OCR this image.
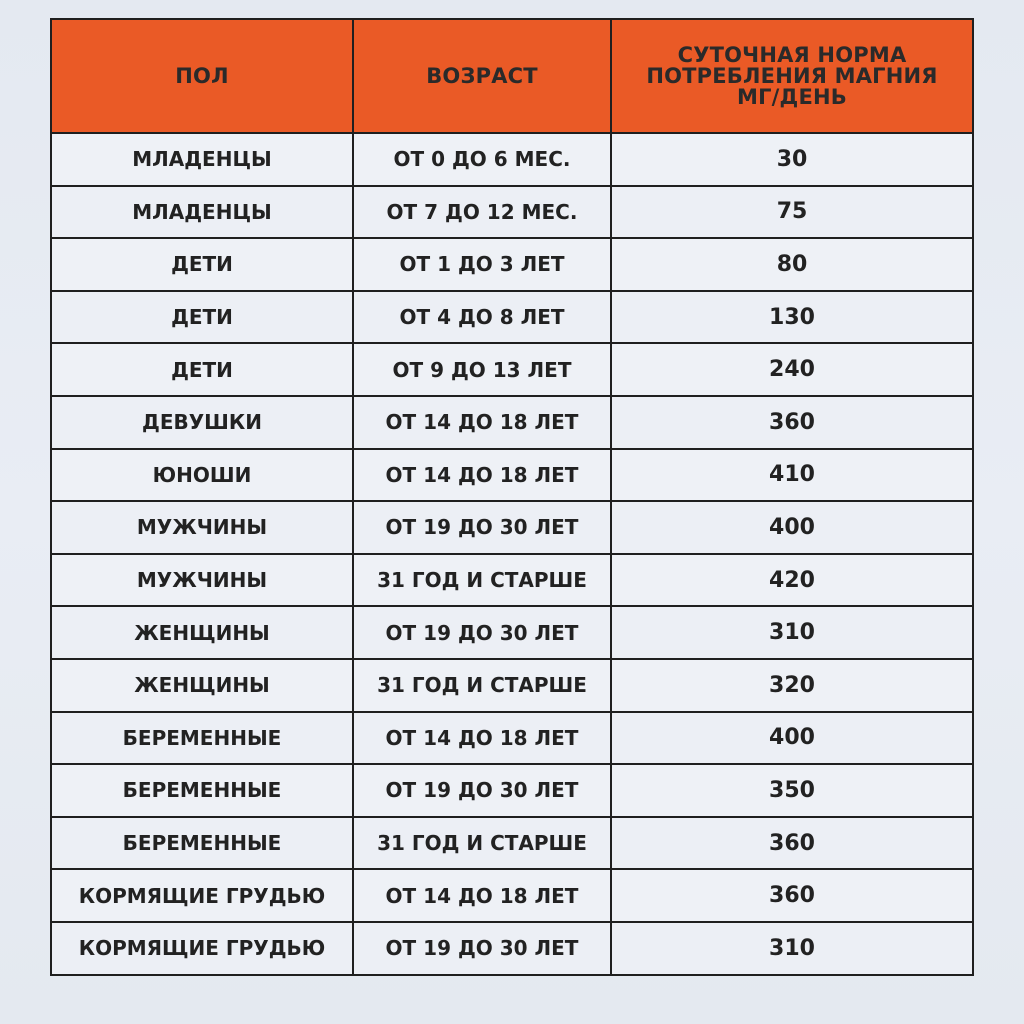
ПОЛ	ВОЗРАСТ	СУТОЧНАЯ НОРМА
ПОТРЕБЛЕНИЯ МАГНИЯ
МГ/ДЕНЬ

МЛАДЕНЦЫ	ОТ 0 ДО 6 МЕС.	30
МЛАДЕНЦЫ	ОТ 7 ДО 12 МЕС.	75
ДЕТИ	ОТ 1 ДО 3 ЛЕТ	80
ДЕТИ	ОТ 4 ДО 8 ЛЕТ	130
ДЕТИ	ОТ 9 ДО 13 ЛЕТ	240
ДЕВУШКИ	ОТ 14 ДО 18 ЛЕТ	360
ЮНОШИ	ОТ 14 ДО 18 ЛЕТ	410
МУЖЧИНЫ	ОТ 19 ДО 30 ЛЕТ	400
МУЖЧИНЫ	31 ГОД И СТАРШЕ	420
ЖЕНЩИНЫ	ОТ 19 ДО 30 ЛЕТ	310
ЖЕНЩИНЫ	31 ГОД И СТАРШЕ	320
БЕРЕМЕННЫЕ	ОТ 14 ДО 18 ЛЕТ	400
БЕРЕМЕННЫЕ	ОТ 19 ДО 30 ЛЕТ	350
БЕРЕМЕННЫЕ	31 ГОД И СТАРШЕ	360
КОРМЯЩИЕ ГРУДЬЮ	ОТ 14 ДО 18 ЛЕТ	360
КОРМЯЩИЕ ГРУДЬЮ	ОТ 19 ДО 30 ЛЕТ	310
